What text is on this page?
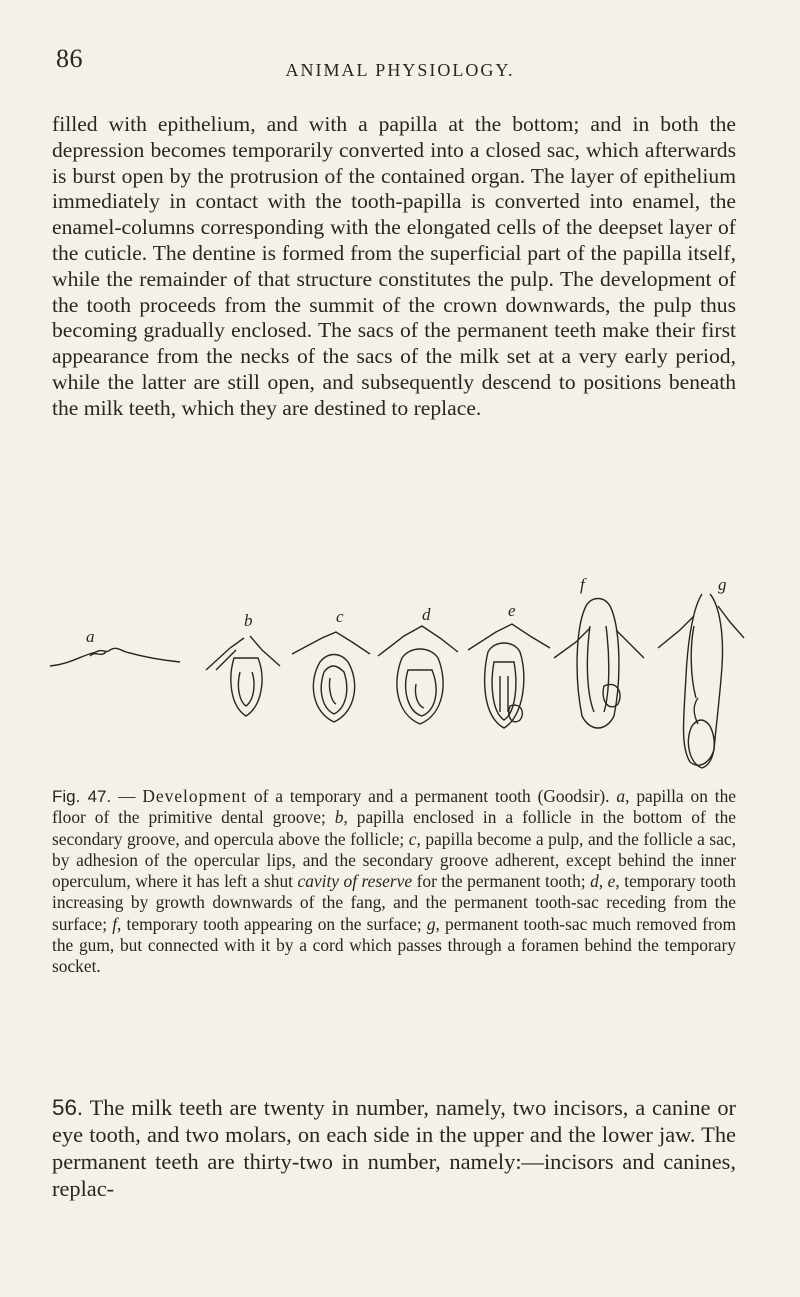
86	ANIMAL PHYSIOLOGY.

filled with epithelium, and with a papilla at the bottom; and in both the depression becomes temporarily converted into a closed sac, which afterwards is burst open by the protrusion of the contained organ. The layer of epithelium immediately in contact with the tooth-papilla is converted into enamel, the enamel-columns corresponding with the elongated cells of the deepset layer of the cuticle. The dentine is formed from the superficial part of the papilla itself, while the remainder of that structure constitutes the pulp. The development of the tooth proceeds from the summit of the crown downwards, the pulp thus becoming gradually enclosed. The sacs of the permanent teeth make their first appearance from the necks of the sacs of the milk set at a very early period, while the latter are still open, and subsequently descend to positions beneath the milk teeth, which they are destined to replace.

a
b	c	d	e
f	g

Fig. 47. — Development of a temporary and a permanent tooth (Goodsir). a, papilla on the floor of the primitive dental groove; b, papilla enclosed in a follicle in the bottom of the secondary groove, and opercula above the follicle; c, papilla become a pulp, and the follicle a sac, by adhesion of the opercular lips, and the secondary groove adherent, except behind the inner operculum, where it has left a shut cavity of reserve for the permanent tooth; d, e, temporary tooth increasing by growth downwards of the fang, and the permanent tooth-sac receding from the surface; f, temporary tooth appearing on the surface; g, permanent tooth-sac much removed from the gum, but connected with it by a cord which passes through a foramen behind the temporary socket.

56. The milk teeth are twenty in number, namely, two incisors, a canine or eye tooth, and two molars, on each side in the upper and the lower jaw. The permanent teeth are thirty-two in number, namely:—incisors and canines, replac-
